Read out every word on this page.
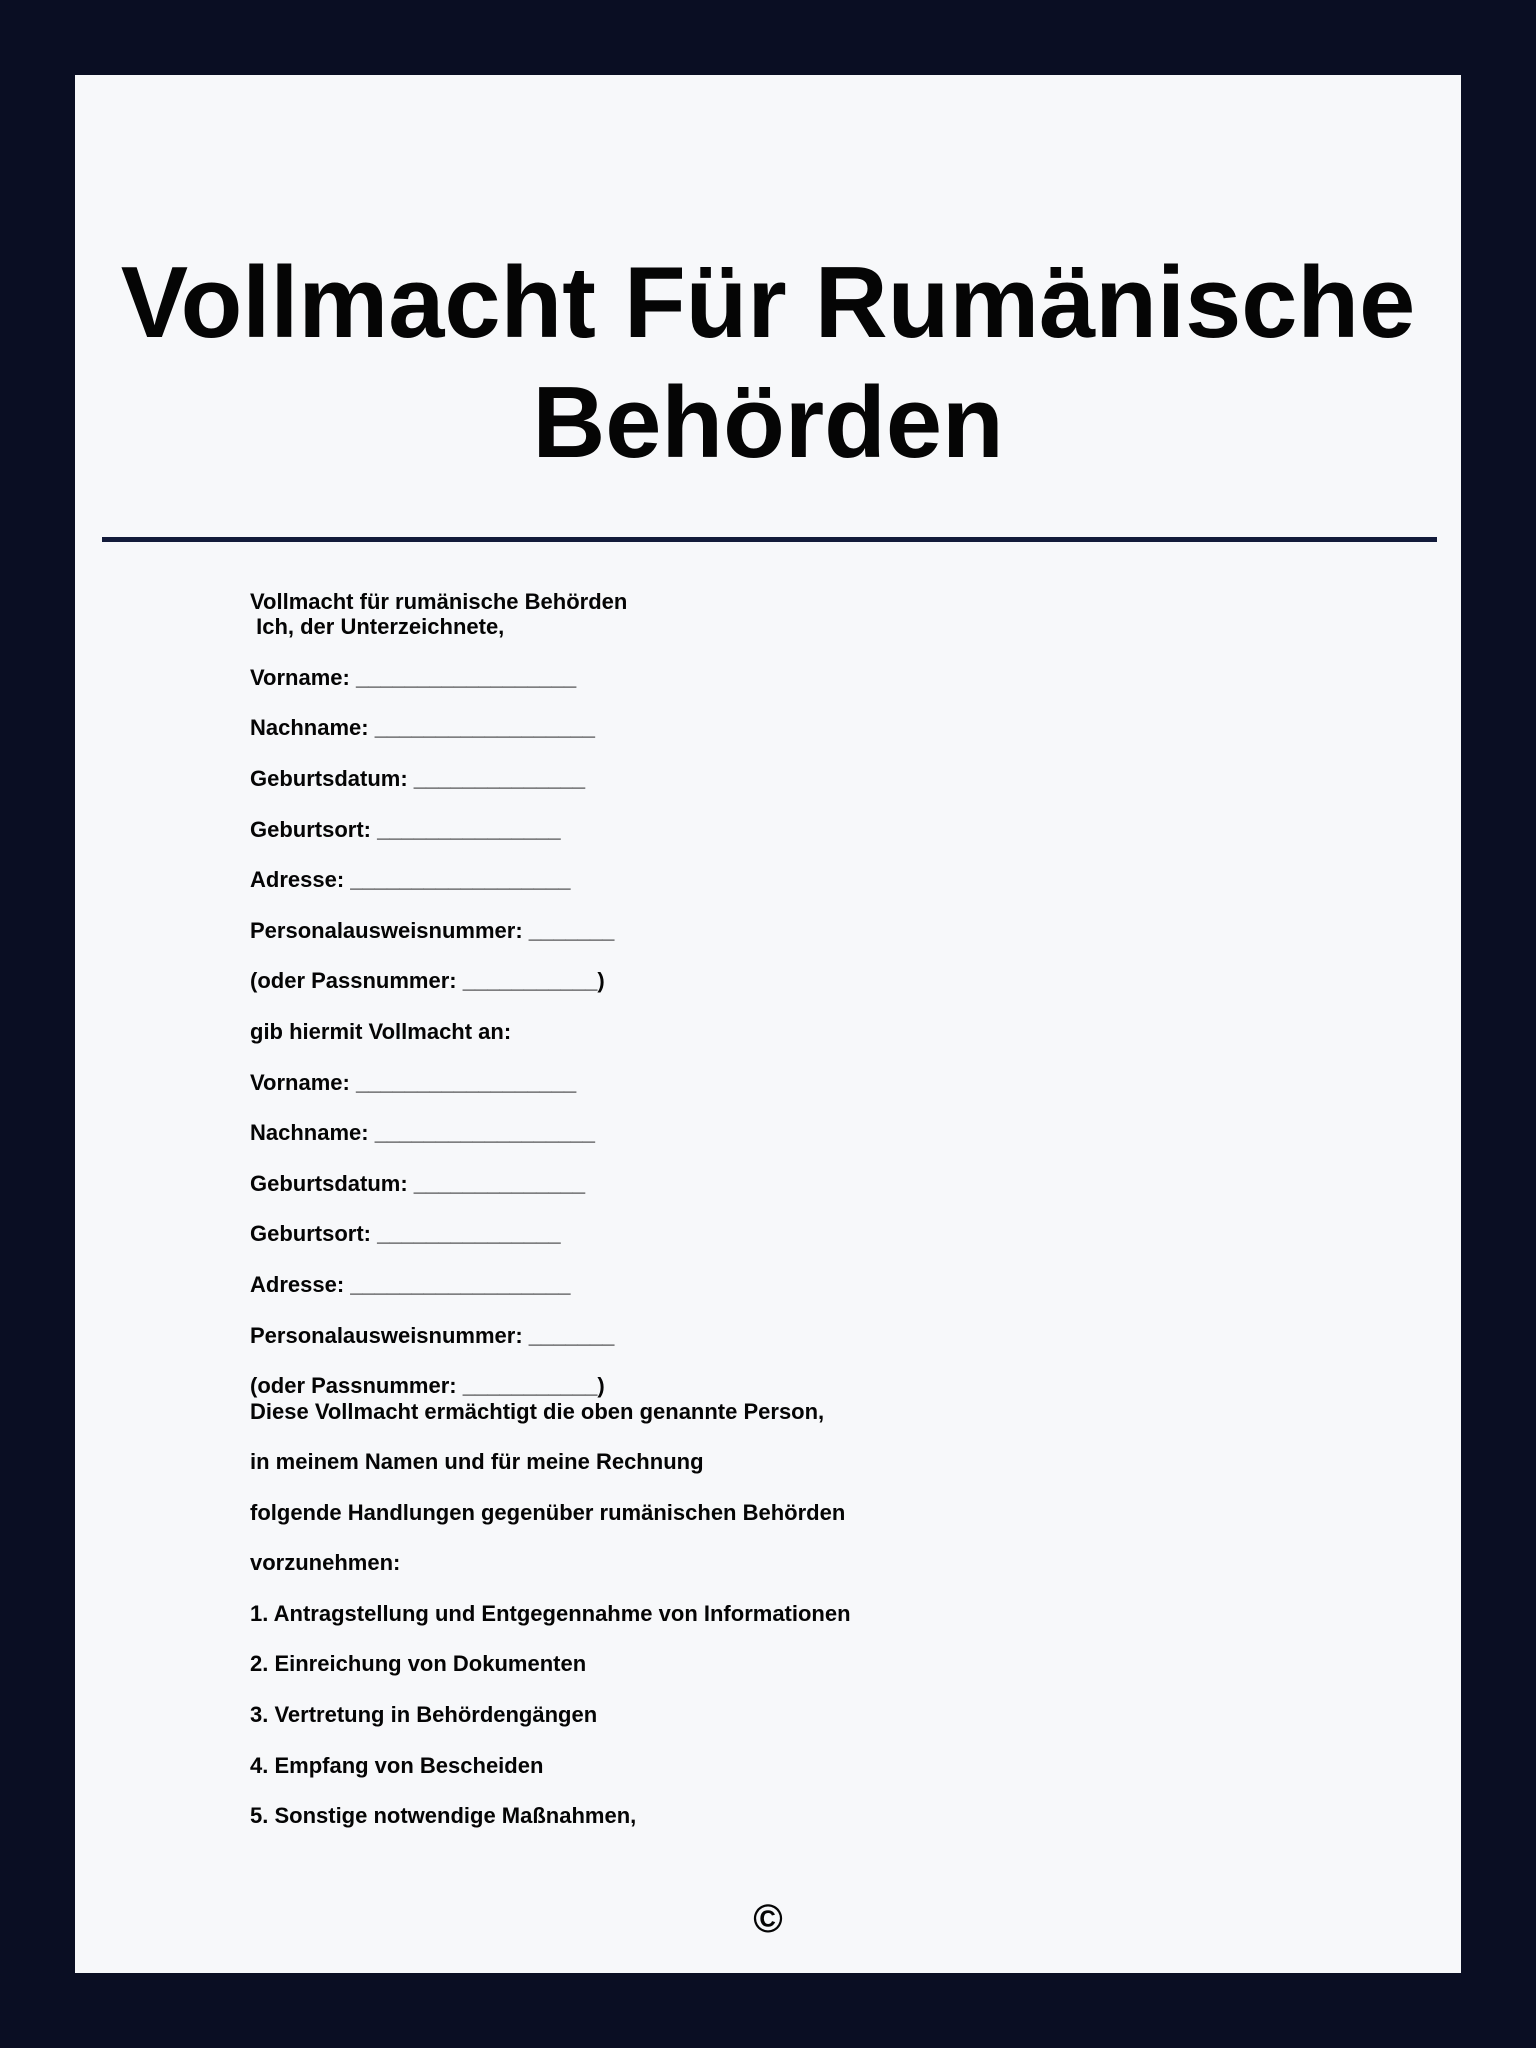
Vollmacht Für Rumänische
Behörden
Vollmacht für rumänische Behörden
Ich, der Unterzeichnete,
Vorname: __________________
Nachname: __________________
Geburtsdatum: ______________
Geburtsort: _______________
Adresse: __________________
Personalausweisnummer: _______
(oder Passnummer: ___________)
gib hiermit Vollmacht an:
Vorname: __________________
Nachname: __________________
Geburtsdatum: ______________
Geburtsort: _______________
Adresse: __________________
Personalausweisnummer: _______
(oder Passnummer: ___________)
Diese Vollmacht ermächtigt die oben genannte Person,
in meinem Namen und für meine Rechnung
folgende Handlungen gegenüber rumänischen Behörden
vorzunehmen:
1. Antragstellung und Entgegennahme von Informationen
2. Einreichung von Dokumenten
3. Vertretung in Behördengängen
4. Empfang von Bescheiden
5. Sonstige notwendige Maßnahmen,
©
